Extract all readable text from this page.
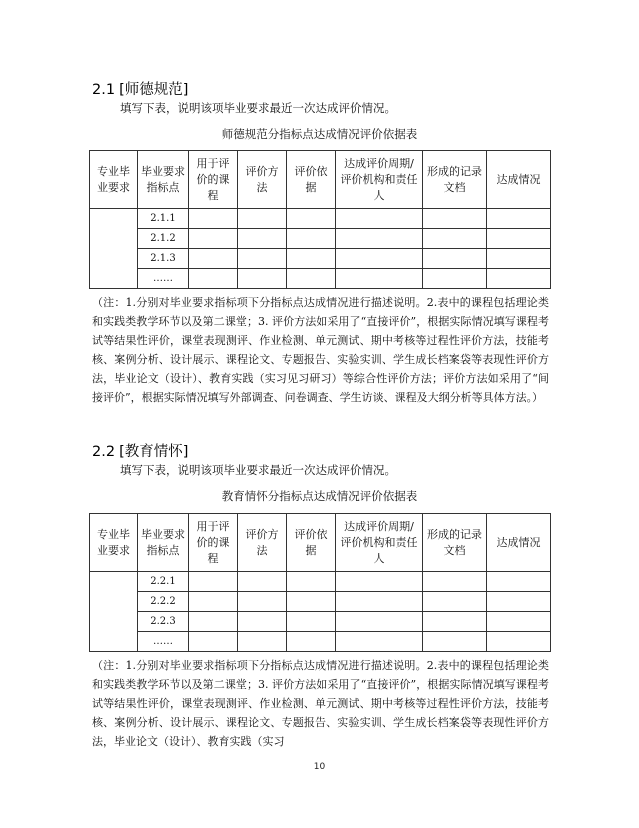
2.1 [师德规范]
填写下表，说明该项毕业要求最近一次达成评价情况。
师德规范分指标点达成情况评价依据表
专业毕业要求	毕业要求指标点	用于评价的课程	评价方法	评价依据	达成评价周期/评价机构和责任人	形成的记录文档	达成情况
	2.1.1						
	2.1.2						
	2.1.3						
	……						
（注：1.分别对毕业要求指标项下分指标点达成情况进行描述说明。2.表中的课程包括理论类和实践类教学环节以及第二课堂；3. 评价方法如采用了“直接评价”，根据实际情况填写课程考试等结果性评价，课堂表现测评、作业检测、单元测试、期中考核等过程性评价方法，技能考核、案例分析、设计展示、课程论文、专题报告、实验实训、学生成长档案袋等表现性评价方法，毕业论文（设计）、教育实践（实习见习研习）等综合性评价方法；评价方法如采用了“间接评价”，根据实际情况填写外部调查、问卷调查、学生访谈、课程及大纲分析等具体方法。）
2.2 [教育情怀]
填写下表，说明该项毕业要求最近一次达成评价情况。
教育情怀分指标点达成情况评价依据表
专业毕业要求	毕业要求指标点	用于评价的课程	评价方法	评价依据	达成评价周期/评价机构和责任人	形成的记录文档	达成情况
	2.2.1						
	2.2.2						
	2.2.3						
	……						
（注：1.分别对毕业要求指标项下分指标点达成情况进行描述说明。2.表中的课程包括理论类和实践类教学环节以及第二课堂；3. 评价方法如采用了“直接评价”，根据实际情况填写课程考试等结果性评价，课堂表现测评、作业检测、单元测试、期中考核等过程性评价方法，技能考核、案例分析、设计展示、课程论文、专题报告、实验实训、学生成长档案袋等表现性评价方法，毕业论文（设计）、教育实践（实习
10
